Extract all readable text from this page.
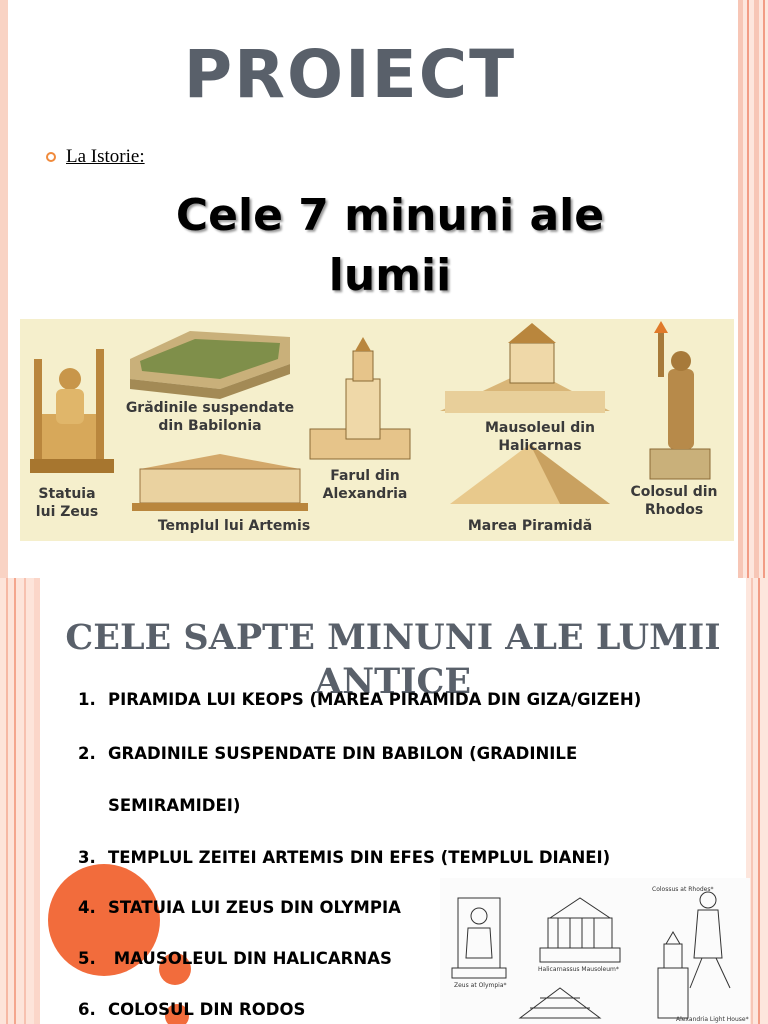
PROIECT
La Istorie:
Cele 7 minuni ale
lumii
Grădinile suspendate
din Babilonia
Statuia
lui Zeus
Templul lui Artemis
Farul din
Alexandria
Mausoleul din
Halicarnas
Marea Piramidă
Colosul din
Rhodos
CELE SAPTE MINUNI ALE LUMII ANTICE
1. PIRAMIDA LUI KEOPS (MAREA PIRAMIDA DIN GIZA/GIZEH)
2. GRADINILE SUSPENDATE DIN BABILON (GRADINILE
SEMIRAMIDEI)
3. TEMPLUL ZEITEI ARTEMIS DIN EFES (TEMPLUL DIANEI)
4. STATUIA LUI ZEUS DIN OLYMPIA
5. MAUSOLEUL DIN HALICARNAS
6. COLOSUL DIN RODOS
Colossus at Rhodes*
Zeus at Olympia*
Halicarnassus Mausoleum*
Alexandria Light House*
